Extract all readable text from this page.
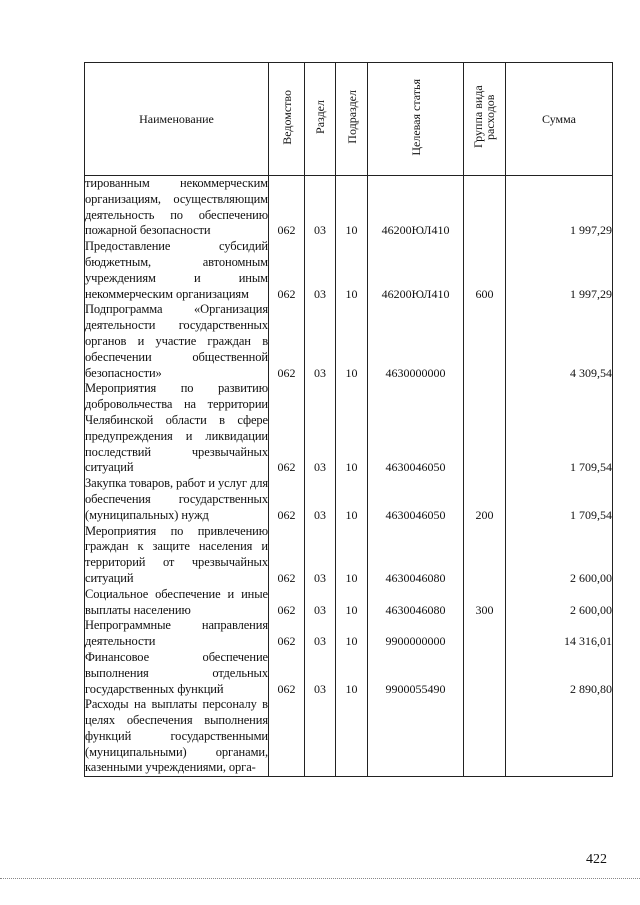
Наименование	Ведомство	Раздел	Подраздел	Целевая статья	Группа вида расходов	Сумма
тированным некоммерческим организациям, осуществляющим деятельность по обеспечению пожарной безопасности	062	03	10	46200ЮЛ410		1 997,29
Предоставление субсидий бюджетным, автономным учреждениям и иным некоммерческим организациям	062	03	10	46200ЮЛ410	600	1 997,29
Подпрограмма «Организация деятельности государственных органов и участие граждан в обеспечении общественной безопасности»	062	03	10	4630000000		4 309,54
Мероприятия по развитию добровольчества на территории Челябинской области в сфере предупреждения и ликвидации последствий чрезвычайных ситуаций	062	03	10	4630046050		1 709,54
Закупка товаров, работ и услуг для обеспечения государственных (муниципальных) нужд	062	03	10	4630046050	200	1 709,54
Мероприятия по привлечению граждан к защите населения и территорий от чрезвычайных ситуаций	062	03	10	4630046080		2 600,00
Социальное обеспечение и иные выплаты населению	062	03	10	4630046080	300	2 600,00
Непрограммные направления деятельности	062	03	10	9900000000		14 316,01
Финансовое обеспечение выполнения отдельных государственных функций	062	03	10	9900055490		2 890,80
Расходы на выплаты персоналу в целях обеспечения выполнения функций государственными (муниципальными) органами, казенными учреждениями, орга-						
422
